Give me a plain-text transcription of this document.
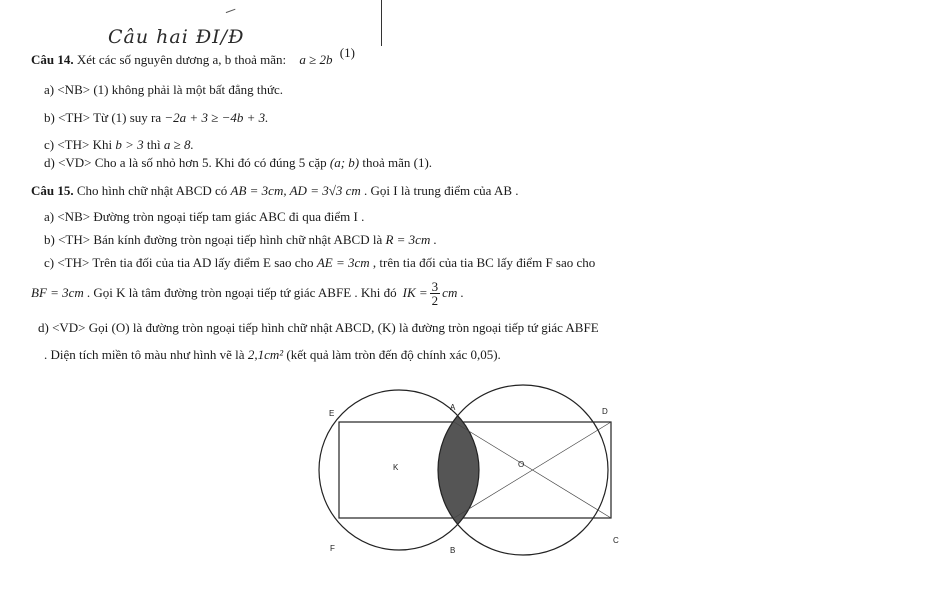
Câu hai ĐI/Đ
Câu 14. Xét các số nguyên dương a, b thoả mãn: a ≥ 2b (1)
a) <NB> (1) không phải là một bất đẳng thức.
b) <TH> Từ (1) suy ra −2a + 3 ≥ −4b + 3.
c) <TH> Khi b > 3 thì a ≥ 8.
d) <VD> Cho a là số nhỏ hơn 5. Khi đó có đúng 5 cặp (a; b) thoả mãn (1).
Câu 15. Cho hình chữ nhật ABCD có AB = 3cm, AD = 3√3 cm . Gọi I là trung điểm của AB .
a) <NB> Đường tròn ngoại tiếp tam giác ABC đi qua điểm I .
b) <TH> Bán kính đường tròn ngoại tiếp hình chữ nhật ABCD là R = 3cm .
c) <TH> Trên tia đối của tia AD lấy điểm E sao cho AE = 3cm , trên tia đối của tia BC lấy điểm F sao cho
BF = 3cm . Gọi K là tâm đường tròn ngoại tiếp tứ giác ABFE . Khi đó IK = $\frac{3}{2}$ cm .
d) <VD> Gọi (O) là đường tròn ngoại tiếp hình chữ nhật ABCD, (K) là đường tròn ngoại tiếp tứ giác ABFE
. Diện tích miền tô màu như hình vẽ là 2,1cm² (kết quả làm tròn đến độ chính xác 0,05).
E
A	D
K	O
F	B
C
